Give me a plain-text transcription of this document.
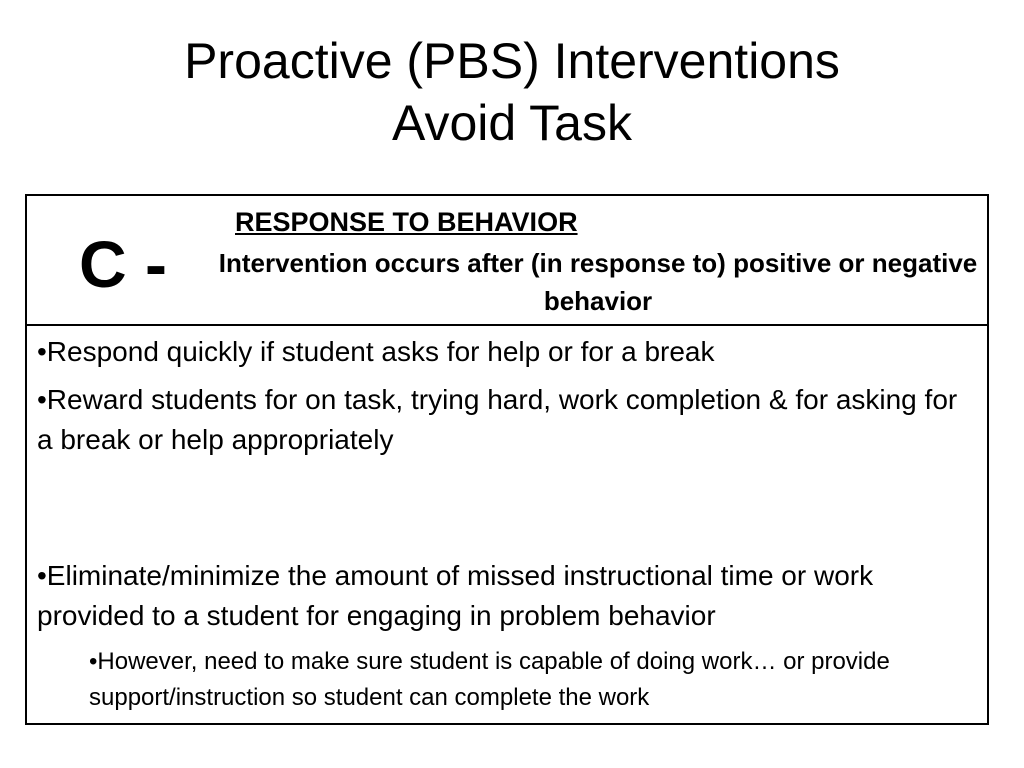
Proactive (PBS) Interventions
Avoid Task
C -
RESPONSE TO BEHAVIOR
Intervention occurs after (in response to) positive or negative behavior
•Respond quickly if student asks for help or for a break
•Reward students for on task, trying hard, work completion & for asking for a break or help appropriately
•Eliminate/minimize the amount of missed instructional time or work provided to a student for engaging in problem behavior
•However, need to make sure student is capable of doing work… or provide support/instruction so student can complete the work
